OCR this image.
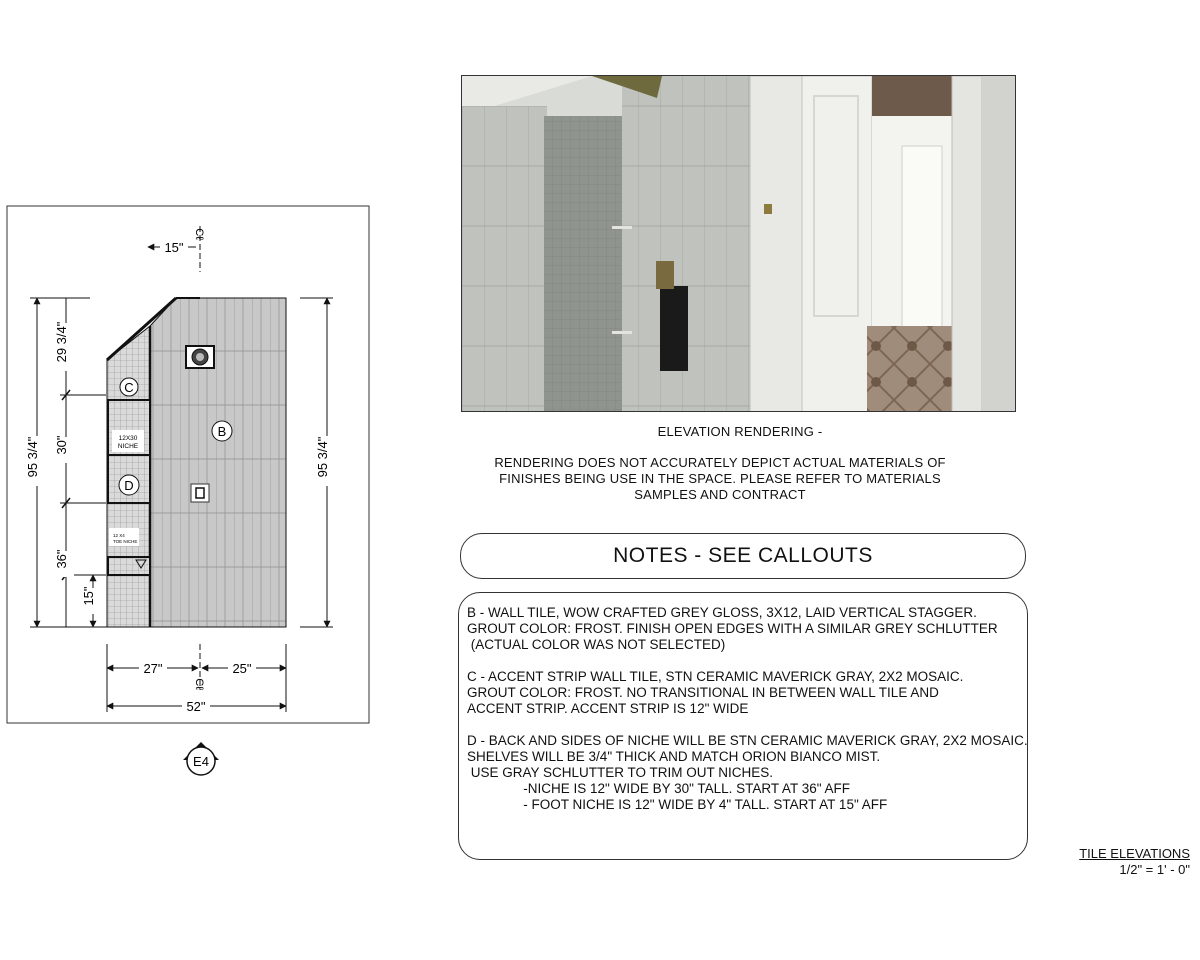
12X30
NICHE
12 X4
TOE NICHE
C
B
D
Cℓ
15"
95 3/4"
29 3/4"
30"
36"
15"
95 3/4"
27"	25"
Cℓ
52"
E4
ELEVATION RENDERING -
RENDERING DOES NOT ACCURATELY DEPICT ACTUAL MATERIALS OF
FINISHES BEING USE IN THE SPACE. PLEASE REFER TO MATERIALS
SAMPLES AND CONTRACT
NOTES - SEE CALLOUTS
B - WALL TILE, WOW CRAFTED GREY GLOSS, 3X12, LAID VERTICAL STAGGER.
GROUT COLOR: FROST. FINISH OPEN EDGES WITH A SIMILAR GREY SCHLUTTER
(ACTUAL COLOR WAS NOT SELECTED)
C - ACCENT STRIP WALL TILE, STN CERAMIC MAVERICK GRAY, 2X2 MOSAIC.
GROUT COLOR: FROST. NO TRANSITIONAL IN BETWEEN WALL TILE AND
ACCENT STRIP. ACCENT STRIP IS 12" WIDE
D - BACK AND SIDES OF NICHE WILL BE STN CERAMIC MAVERICK GRAY, 2X2 MOSAIC.
SHELVES WILL BE 3/4" THICK AND MATCH ORION BIANCO MIST.
USE GRAY SCHLUTTER TO TRIM OUT NICHES.
-NICHE IS 12" WIDE BY 30" TALL. START AT 36" AFF
- FOOT NICHE IS 12" WIDE BY 4" TALL. START AT 15" AFF
TILE ELEVATIONS
1/2" = 1' - 0"
